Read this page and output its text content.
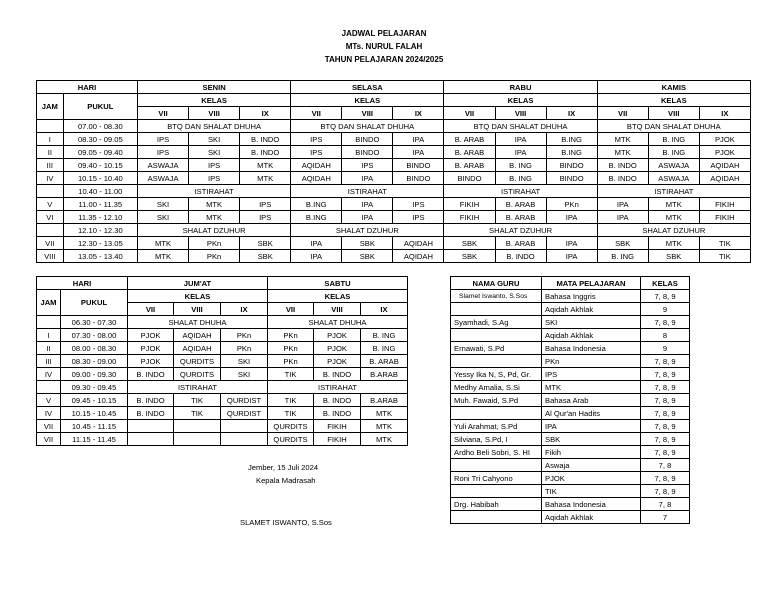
JADWAL PELAJARAN
MTs. NURUL FALAH
TAHUN PELAJARAN 2024/2025
HARI		SENIN			SELASA			RABU			KAMIS		
JAM	PUKUL	KELAS			KELAS			KELAS			KELAS		
		VII	VIII	IX	VII	VIII	IX	VII	VIII	IX	VII	VIII	IX
	07.00 - 08.30	BTQ DAN SHALAT DHUHA			BTQ DAN SHALAT DHUHA			BTQ DAN SHALAT DHUHA			BTQ DAN SHALAT DHUHA		
I	08.30 - 09.05	IPS	SKI	B. INDO	IPS	BINDO	IPA	B. ARAB	IPA	B.ING	MTK	B. ING	PJOK
II	09.05 - 09.40	IPS	SKI	B. INDO	IPS	BINDO	IPA	B. ARAB	IPA	B.ING	MTK	B. ING	PJOK
III	09.40 - 10.15	ASWAJA	IPS	MTK	AQIDAH	IPS	BINDO	B. ARAB	B. ING	BINDO	B. INDO	ASWAJA	AQIDAH
IV	10.15 - 10.40	ASWAJA	IPS	MTK	AQIDAH	IPA	BINDO	BINDO	B. ING	BINDO	B. INDO	ASWAJA	AQIDAH
	10.40 - 11.00	ISTIRAHAT			ISTIRAHAT			ISTIRAHAT			ISTIRAHAT		
V	11.00 - 11.35	SKI	MTK	IPS	B.ING	IPA	IPS	FIKIH	B. ARAB	PKn	IPA	MTK	FIKIH
VI	11.35 - 12.10	SKI	MTK	IPS	B.ING	IPA	IPS	FIKIH	B. ARAB	IPA	IPA	MTK	FIKIH
	12.10 - 12.30	SHALAT DZUHUR			SHALAT DZUHUR			SHALAT DZUHUR			SHALAT DZUHUR		
VII	12.30 - 13.05	MTK	PKn	SBK	IPA	SBK	AQIDAH	SBK	B. ARAB	IPA	SBK	MTK	TIK
VIII	13.05 - 13.40	MTK	PKn	SBK	IPA	SBK	AQIDAH	SBK	B. INDO	IPA	B. ING	SBK	TIK
HARI		JUM'AT			SABTU		
JAM	PUKUL	KELAS			KELAS		
		VII	VIII	IX	VII	VIII	IX
	06.30 - 07.30	SHALAT DHUHA			SHALAT DHUHA		
I	07.30 - 08.00	PJOK	AQIDAH	PKn	PKn	PJOK	B. ING
II	08.00 - 08.30	PJOK	AQIDAH	PKn	PKn	PJOK	B. ING
III	08.30 - 09.00	PJOK	QURDITS	SKI	PKn	PJOK	B. ARAB
IV	09.00 - 09.30	B. INDO	QURDITS	SKI	TIK	B. INDO	B.ARAB
	09.30 - 09.45	ISTIRAHAT			ISTIRAHAT		
V	09.45 - 10.15	B. INDO	TIK	QURDIST	TIK	B. INDO	B.ARAB
IV	10.15 - 10.45	B. INDO	TIK	QURDIST	TIK	B. INDO	MTK
VII	10.45 - 11.15				QURDITS	FIKIH	MTK
VII	11.15 - 11.45				QURDITS	FIKIH	MTK
NAMA GURU	MATA PELAJARAN	KELAS
Slamet Iswanto, S.Sos	Bahasa Inggris	7, 8, 9
	Aqidah Akhlak	9
Syamhadi, S.Ag	SKI	7, 8, 9
	Aqidah Akhlak	8
Ernawati, S.Pd	Bahasa Indonesia	9
	PKn	7, 8, 9
Yessy Ika N, S, Pd, Gr.	IPS	7, 8, 9
Medhy Amalia, S.Si	MTK	7, 8, 9
Muh. Fawaid, S.Pd	Bahasa Arab	7, 8, 9
	Al Qur'an Hadits	7, 8, 9
Yuli Arahmat, S.Pd	IPA	7, 8, 9
Silviana, S.Pd, I	SBK	7, 8, 9
Ardho Beli Sobri, S. HI	Fikih	7, 8, 9
	Aswaja	7, 8
Roni Tri Cahyono	PJOK	7, 8, 9
	TIK	7, 8, 9
Drg. Habibah	Bahasa Indonesia	7, 8
	Aqidah Akhlak	7
Jember, 15 Juli 2024
Kepala Madrasah
SLAMET ISWANTO, S.Sos
